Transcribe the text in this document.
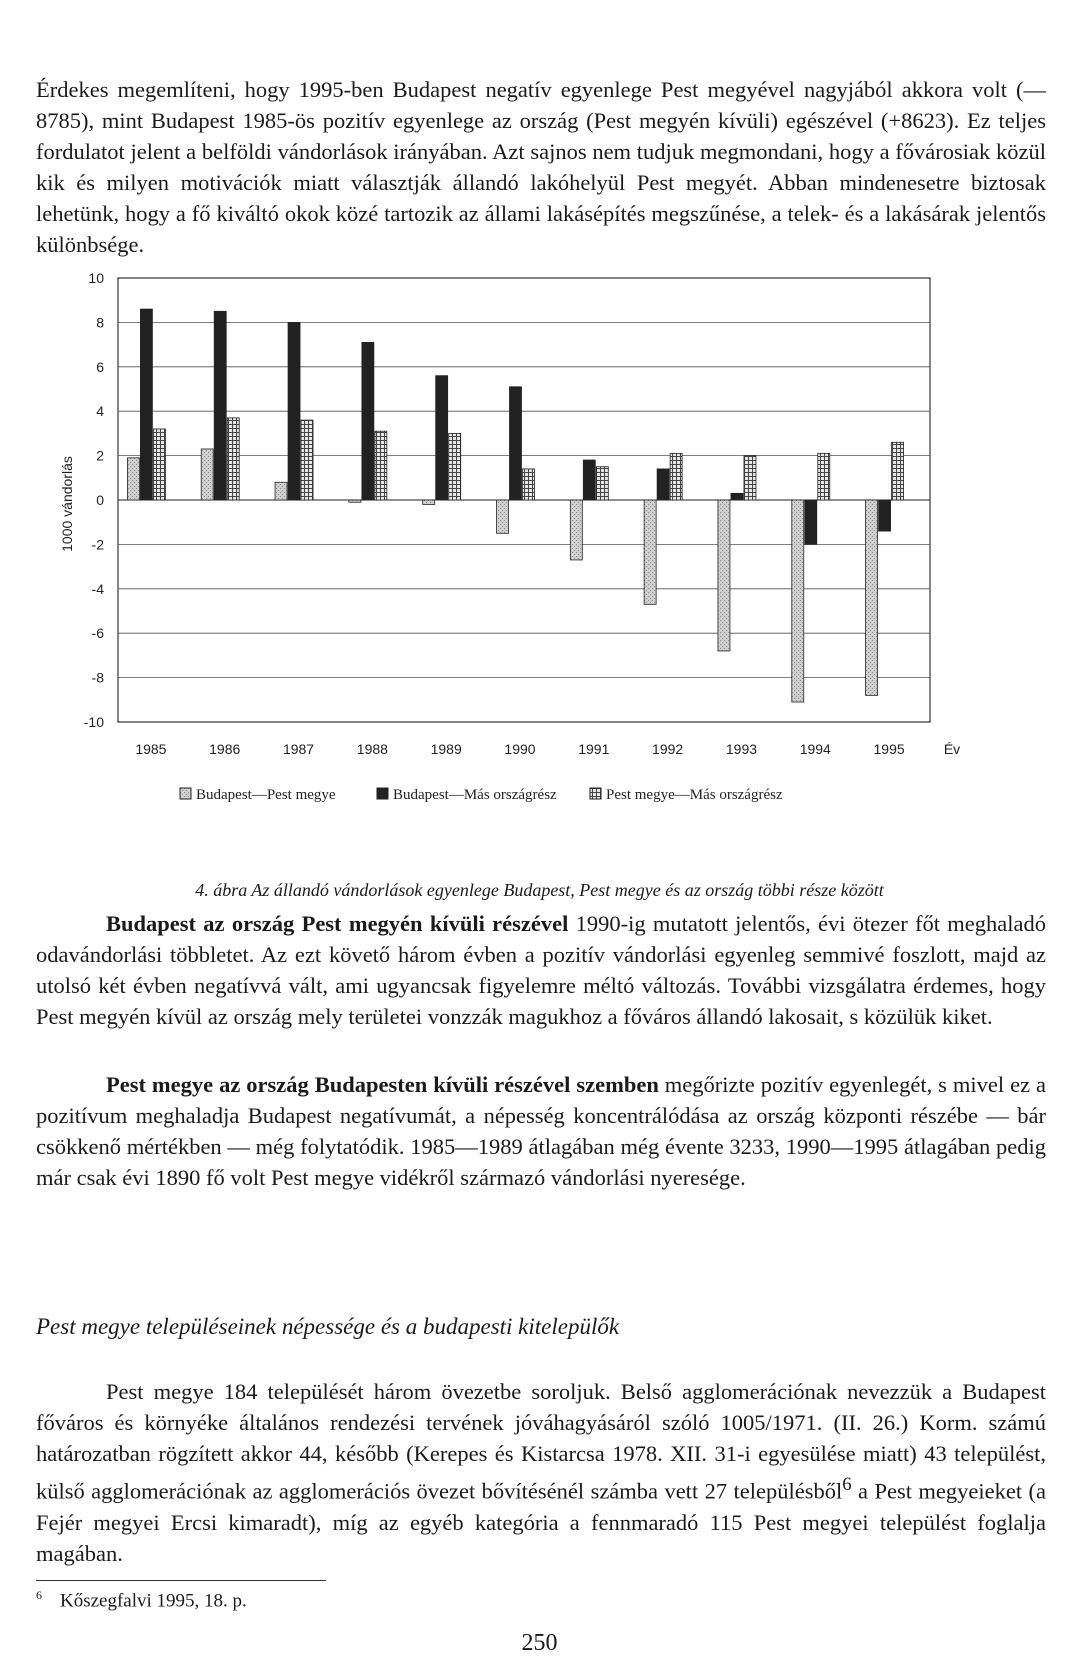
Érdekes megemlíteni, hogy 1995-ben Budapest negatív egyenlege Pest megyével nagyjából akkora volt (—8785), mint Budapest 1985-ös pozitív egyenlege az ország (Pest megyén kívüli) egészével (+8623). Ez teljes fordulatot jelent a belföldi vándorlások irányában. Azt sajnos nem tudjuk megmondani, hogy a fővárosiak közül kik és milyen motivációk miatt választják állandó lakóhelyül Pest megyét. Abban mindenesetre biztosak lehetünk, hogy a fő kiváltó okok közé tartozik az állami lakásépítés megszűnése, a telek- és a lakásárak jelentős különbsége.

10
8
6
4
2
0
-2
-4
-6
-8
-10
1000 vándorlás
1985	1986	1987	1988	1989	1990	1991	1992	1993	1994	1995	Év
Budapest—Pest megye	Budapest—Más országrész	Pest megye—Más országrész
4. ábra Az állandó vándorlások egyenlege Budapest, Pest megye és az ország többi része között

Budapest az ország Pest megyén kívüli részével 1990-ig mutatott jelentős, évi ötezer főt meghaladó odavándorlási többletet. Az ezt követő három évben a pozitív vándorlási egyenleg semmivé foszlott, majd az utolsó két évben negatívvá vált, ami ugyancsak figyelemre méltó változás. További vizsgálatra érdemes, hogy Pest megyén kívül az ország mely területei vonzzák magukhoz a főváros állandó lakosait, s közülük kiket.

Pest megye az ország Budapesten kívüli részével szemben megőrizte pozitív egyenlegét, s mivel ez a pozitívum meghaladja Budapest negatívumát, a népesség koncentrálódása az ország központi részébe — bár csökkenő mértékben — még folytatódik. 1985—1989 átlagában még évente 3233, 1990—1995 átlagában pedig már csak évi 1890 fő volt Pest megye vidékről származó vándorlási nyeresége.

Pest megye településeinek népessége és a budapesti kitelepülők

Pest megye 184 települését három övezetbe soroljuk. Belső agglomerációnak nevezzük a Budapest főváros és környéke általános rendezési tervének jóváhagyásáról szóló 1005/1971. (II. 26.) Korm. számú határozatban rögzített akkor 44, később (Kerepes és Kistarcsa 1978. XII. 31-i egyesülése miatt) 43 települést, külső agglomerációnak az agglomerációs övezet bővítésénél számba vett 27 településből$^6$ a Pest megyeieket (a Fejér megyei Ercsi kimaradt), míg az egyéb kategória a fennmaradó 115 Pest megyei települést foglalja magában.

$^6$ Kőszegfalvi 1995, 18. p.
250
